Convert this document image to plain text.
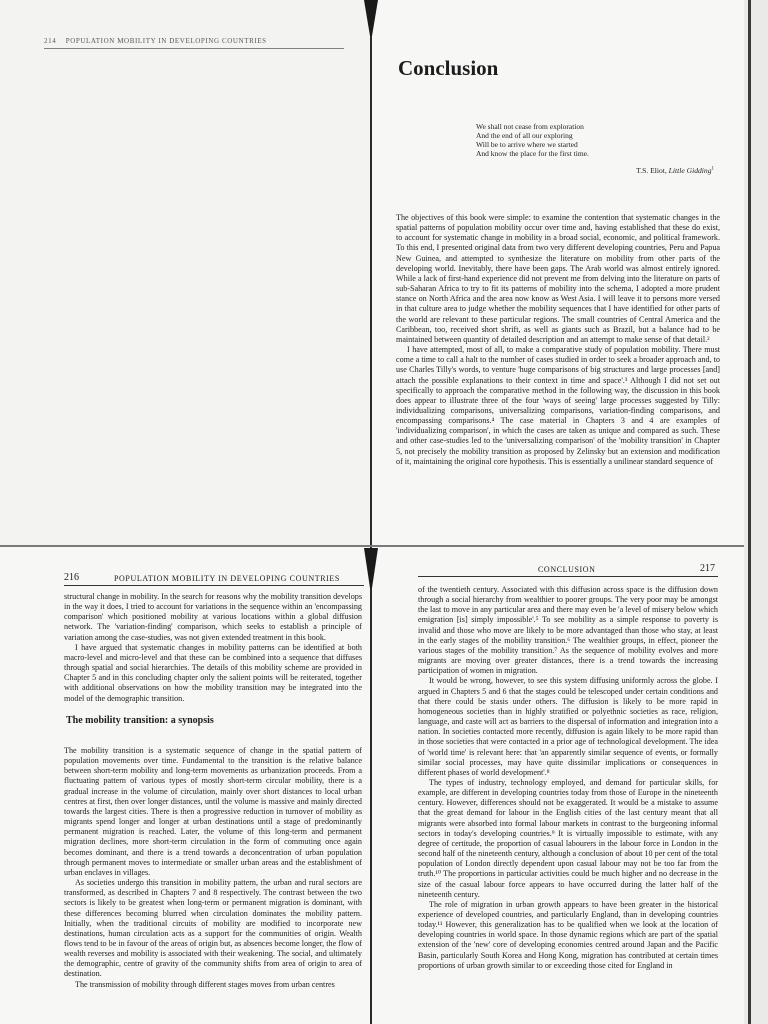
214 POPULATION MOBILITY IN DEVELOPING COUNTRIES
Conclusion
We shall not cease from exploration
And the end of all our exploring
Will be to arrive where we started
And know the place for the first time.
T.S. Eliot, Little Gidding$^1$

The objectives of this book were simple: to examine the contention that systematic changes in the spatial patterns of population mobility occur over time and, having established that these do exist, to account for systematic change in mobility in a broad social, economic, and political framework. To this end, I presented original data from two very different developing countries, Peru and Papua New Guinea, and attempted to synthesize the literature on mobility from other parts of the developing world. Inevitably, there have been gaps. The Arab world was almost entirely ignored. While a lack of first-hand experience did not prevent me from delving into the literature on parts of sub-Saharan Africa to try to fit its patterns of mobility into the schema, I adopted a more prudent stance on North Africa and the area now know as West Asia. I will leave it to persons more versed in that culture area to judge whether the mobility sequences that I have identified for other parts of the world are relevant to these particular regions. The small countries of Central America and the Caribbean, too, received short shrift, as well as giants such as Brazil, but a balance had to be maintained between quantity of detailed description and an attempt to make sense of that detail.²

I have attempted, most of all, to make a comparative study of population mobility. There must come a time to call a halt to the number of cases studied in order to seek a broader approach and, to use Charles Tilly's words, to venture 'huge comparisons of big structures and large processes [and] attach the possible explanations to their context in time and space'.³ Although I did not set out specifically to approach the comparative method in the following way, the discussion in this book does appear to illustrate three of the four 'ways of seeing' large processes suggested by Tilly: individualizing comparisons, universalizing comparisons, variation-finding comparisons, and encompassing comparisons.⁴ The case material in Chapters 3 and 4 are examples of 'individualizing comparison', in which the cases are taken as unique and compared as such. These and other case-studies led to the 'universalizing comparison' of the 'mobility transition' in Chapter 5, not precisely the mobility transition as proposed by Zelinsky but an extension and modification of it, maintaining the original core hypothesis. This is essentially a unilinear standard sequence of

216	POPULATION MOBILITY IN DEVELOPING COUNTRIES

structural change in mobility. In the search for reasons why the mobility transition develops in the way it does, I tried to account for variations in the sequence within an 'encompassing comparison' which positioned mobility at various locations within a global diffusion network. The 'variation-finding' comparison, which seeks to establish a principle of variation among the case-studies, was not given extended treatment in this book.

I have argued that systematic changes in mobility patterns can be identified at both macro-level and micro-level and that these can be combined into a sequence that diffuses through spatial and social hierarchies. The details of this mobility scheme are provided in Chapter 5 and in this concluding chapter only the salient points will be reiterated, together with additional observations on how the mobility transition may be integrated into the model of the demographic transition.

The mobility transition: a synopsis

The mobility transition is a systematic sequence of change in the spatial pattern of population movements over time. Fundamental to the transition is the relative balance between short-term mobility and long-term movements as urbanization proceeds. From a fluctuating pattern of various types of mostly short-term circular mobility, there is a gradual increase in the volume of circulation, mainly over short distances to local urban centres at first, then over longer distances, until the volume is massive and mainly directed towards the largest cities. There is then a progressive reduction in turnover of mobility as migrants spend longer and longer at urban destinations until a stage of predominantly permanent migration is reached. Later, the volume of this long-term and permanent migration declines, more short-term circulation in the form of commuting once again becomes dominant, and there is a trend towards a deconcentration of urban population through permanent moves to intermediate or smaller urban areas and the establishment of urban enclaves in villages.

As societies undergo this transition in mobility pattern, the urban and rural sectors are transformed, as described in Chapters 7 and 8 respectively. The contrast between the two sectors is likely to be greatest when long-term or permanent migration is dominant, with these differences becoming blurred when circulation dominates the mobility pattern. Initially, when the traditional circuits of mobility are modified to incorporate new destinations, human circulation acts as a support for the communities of origin. Wealth flows tend to be in favour of the areas of origin but, as absences become longer, the flow of wealth reverses and mobility is associated with their weakening. The social, and ultimately the demographic, centre of gravity of the community shifts from area of origin to area of destination.

The transmission of mobility through different stages moves from urban centres

CONCLUSION	217

of the twentieth century. Associated with this diffusion across space is the diffusion down through a social hierarchy from wealthier to poorer groups. The very poor may be amongst the last to move in any particular area and there may even be 'a level of misery below which emigration [is] simply impossible'.⁵ To see mobility as a simple response to poverty is invalid and those who move are likely to be more advantaged than those who stay, at least in the early stages of the mobility transition.⁶ The wealthier groups, in effect, pioneer the various stages of the mobility transition.⁷ As the sequence of mobility evolves and more migrants are moving over greater distances, there is a trend towards the increasing participation of women in migration.

It would be wrong, however, to see this system diffusing uniformly across the globe. I argued in Chapters 5 and 6 that the stages could be telescoped under certain conditions and that there could be stasis under others. The diffusion is likely to be more rapid in homogeneous societies than in highly stratified or polyethnic societies as race, religion, language, and caste will act as barriers to the dispersal of information and integration into a nation. In societies contacted more recently, diffusion is again likely to be more rapid than in those societies that were contacted in a prior age of technological development. The idea of 'world time' is relevant here: that 'an apparently similar sequence of events, or formally similar social processes, may have quite dissimilar implications or consequences in different phases of world development'.⁸

The types of industry, technology employed, and demand for particular skills, for example, are different in developing countries today from those of Europe in the nineteenth century. However, differences should not be exaggerated. It would be a mistake to assume that the great demand for labour in the English cities of the last century meant that all migrants were absorbed into formal labour markets in contrast to the burgeoning informal sectors in today's developing countries.⁹ It is virtually impossible to estimate, with any degree of certitude, the proportion of casual labourers in the labour force in London in the second half of the nineteenth century, although a conclusion of about 10 per cent of the total population of London directly dependent upon casual labour may not be too far from the truth.¹⁰ The proportions in particular activities could be much higher and no decrease in the size of the casual labour force appears to have occurred during the latter half of the nineteenth century.

The role of migration in urban growth appears to have been greater in the historical experience of developed countries, and particularly England, than in developing countries today.¹¹ However, this generalization has to be qualified when we look at the location of developing countries in world space. In those dynamic regions which are part of the spatial extension of the 'new' core of developing economies centred around Japan and the Pacific Basin, particularly South Korea and Hong Kong, migration has contributed at certain times proportions of urban growth similar to or exceeding those cited for England in
